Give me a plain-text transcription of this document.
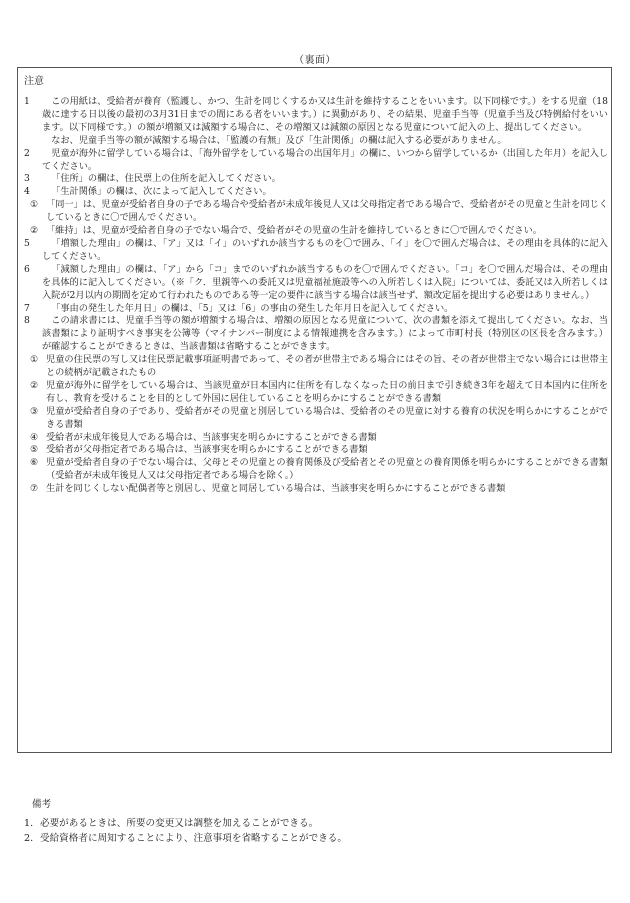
（裏面）
注意
1	この用紙は、受給者が養育（監護し、かつ、生計を同じくするか又は生計を維持することをいいます。以下同様です。）をする児童（18歳に達する日以後の最初の3月31日までの間にある者をいいます。）に異動があり、その結果、児童手当等（児童手当及び特例給付をいいます。以下同様です。）の額が増額又は減額する場合に、その増額又は減額の原因となる児童について記入の上、提出してください。
なお、児童手当等の額が減額する場合は、「監護の有無」及び「生計関係」の欄は記入する必要がありません。
2	児童が海外に留学している場合は、「海外留学をしている場合の出国年月」の欄に、いつから留学しているか（出国した年月）を記入してください。
3	「住所」の欄は、住民票上の住所を記入してください。
4	「生計関係」の欄は、次によって記入してください。
① 「同一」は、児童が受給者自身の子である場合や受給者が未成年後見人又は父母指定者である場合で、受給者がその児童と生計を同じくしているときに〇で囲んでください。
② 「維持」は、児童が受給者自身の子でない場合で、受給者がその児童の生計を維持しているときに〇で囲んでください。
5	「増額した理由」の欄は、「ア」又は「イ」のいずれか該当するものを〇で囲み、「イ」を〇で囲んだ場合は、その理由を具体的に記入してください。
6	「減額した理由」の欄は、「ア」から「コ」までのいずれか該当するものを〇で囲んでください。「コ」を〇で囲んだ場合は、その理由を具体的に記入してください。（※「ク．里親等への委託又は児童福祉施設等への入所若しくは入院」については、委託又は入所若しくは入院が2月以内の期間を定めて行われたものである等一定の要件に該当する場合は該当せず、額改定届を提出する必要はありません。）
7	「事由の発生した年月日」の欄は、「5」又は「6」の事由の発生した年月日を記入してください。
8	この請求書には、児童手当等の額が増額する場合は、増額の原因となる児童について、次の書類を添えて提出してください。なお、当該書類により証明すべき事実を公簿等（マイナンバー制度による情報連携を含みます。）によって市町村長（特別区の区長を含みます。）が確認することができるときは、当該書類は省略することができます。
① 児童の住民票の写し又は住民票記載事項証明書であって、その者が世帯主である場合にはその旨、その者が世帯主でない場合には世帯主との続柄が記載されたもの
② 児童が海外に留学をしている場合は、当該児童が日本国内に住所を有しなくなった日の前日まで引き続き3年を超えて日本国内に住所を有し、教育を受けることを目的として外国に居住していることを明らかにすることができる書類
③ 児童が受給者自身の子であり、受給者がその児童と別居している場合は、受給者のその児童に対する養育の状況を明らかにすることができる書類
④ 受給者が未成年後見人である場合は、当該事実を明らかにすることができる書類
⑤ 受給者が父母指定者である場合は、当該事実を明らかにすることができる書類
⑥ 児童が受給者自身の子でない場合は、父母とその児童との養育関係及び受給者とその児童との養育関係を明らかにすることができる書類（受給者が未成年後見人又は父母指定者である場合を除く。）
⑦ 生計を同じくしない配偶者等と別居し、児童と同居している場合は、当該事実を明らかにすることができる書類
備考
1. 必要があるときは、所要の変更又は調整を加えることができる。
2. 受給資格者に周知することにより、注意事項を省略することができる。
